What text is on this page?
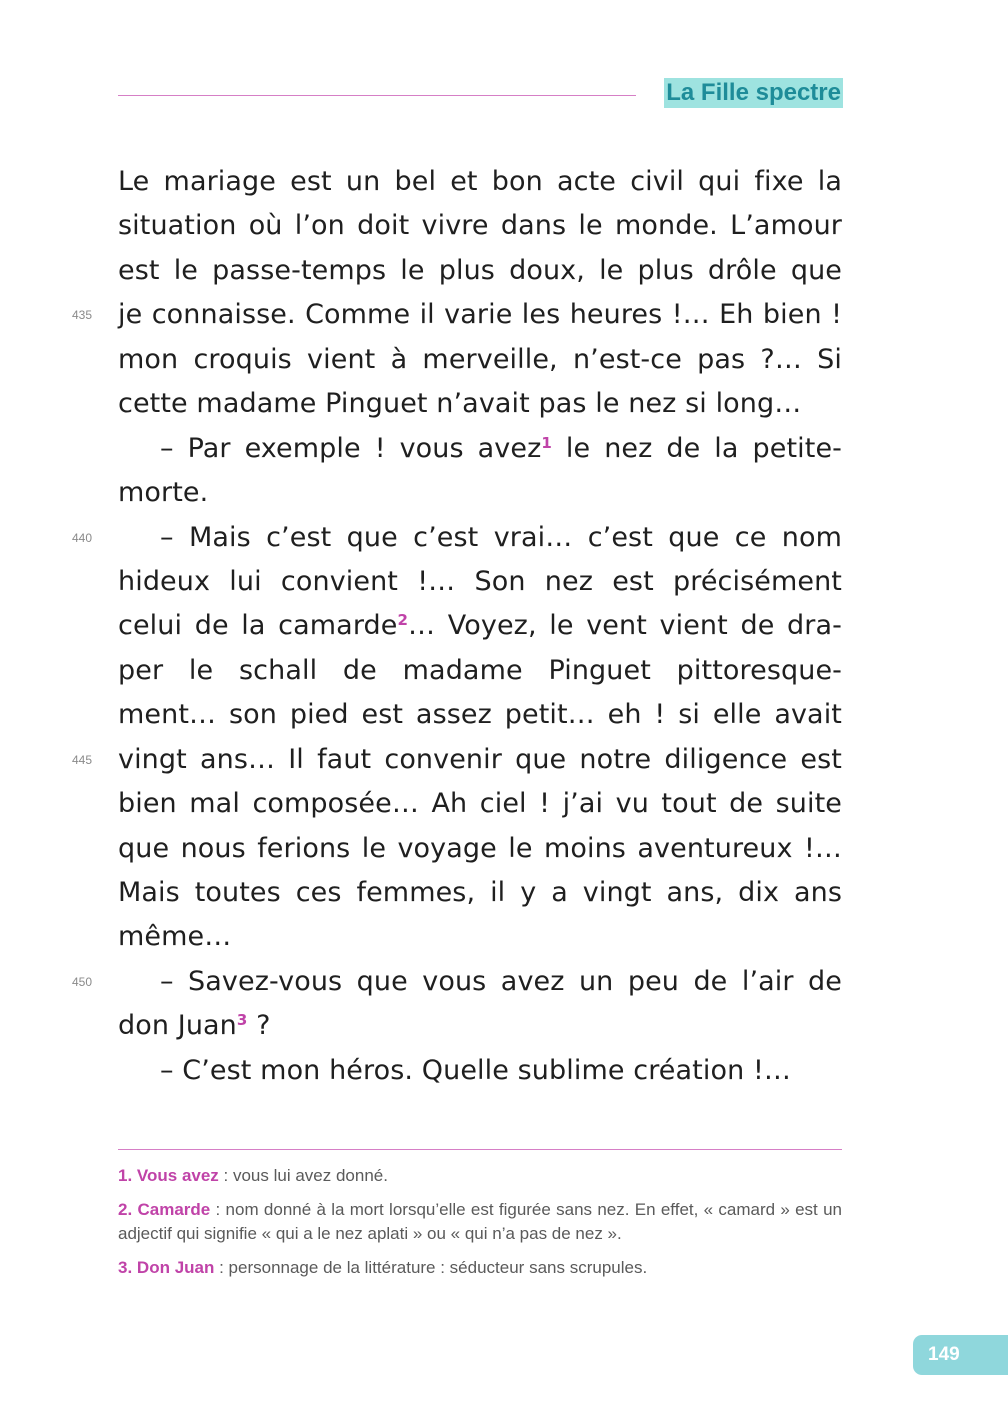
La Fille spectre
Le mariage est un bel et bon acte civil qui fixe la
situation où l’on doit vivre dans le monde. L’amour
est le passe-temps le plus doux, le plus drôle que
435 je connaisse. Comme il varie les heures !… Eh bien !
mon croquis vient à merveille, n’est-ce pas ?… Si
cette madame Pinguet n’avait pas le nez si long…
– Par exemple ! vous avez$^1$ le nez de la petite-
morte.
440	– Mais c’est que c’est vrai… c’est que ce nom
hideux lui convient !… Son nez est précisément
celui de la camarde$^2$… Voyez, le vent vient de dra-
per le schall de madame Pinguet pittoresque-
ment… son pied est assez petit… eh ! si elle avait
445 vingt ans… Il faut convenir que notre diligence est
bien mal composée… Ah ciel ! j’ai vu tout de suite
que nous ferions le voyage le moins aventureux !…
Mais toutes ces femmes, il y a vingt ans, dix ans
même…
450	– Savez-vous que vous avez un peu de l’air de
don Juan$^3$ ?
– C’est mon héros. Quelle sublime création !…
1. Vous avez : vous lui avez donné.
2. Camarde : nom donné à la mort lorsqu’elle est figurée sans nez. En effet, « camard » est un adjectif qui signifie « qui a le nez aplati » ou « qui n’a pas de nez ».
3. Don Juan : personnage de la littérature : séducteur sans scrupules.
149
